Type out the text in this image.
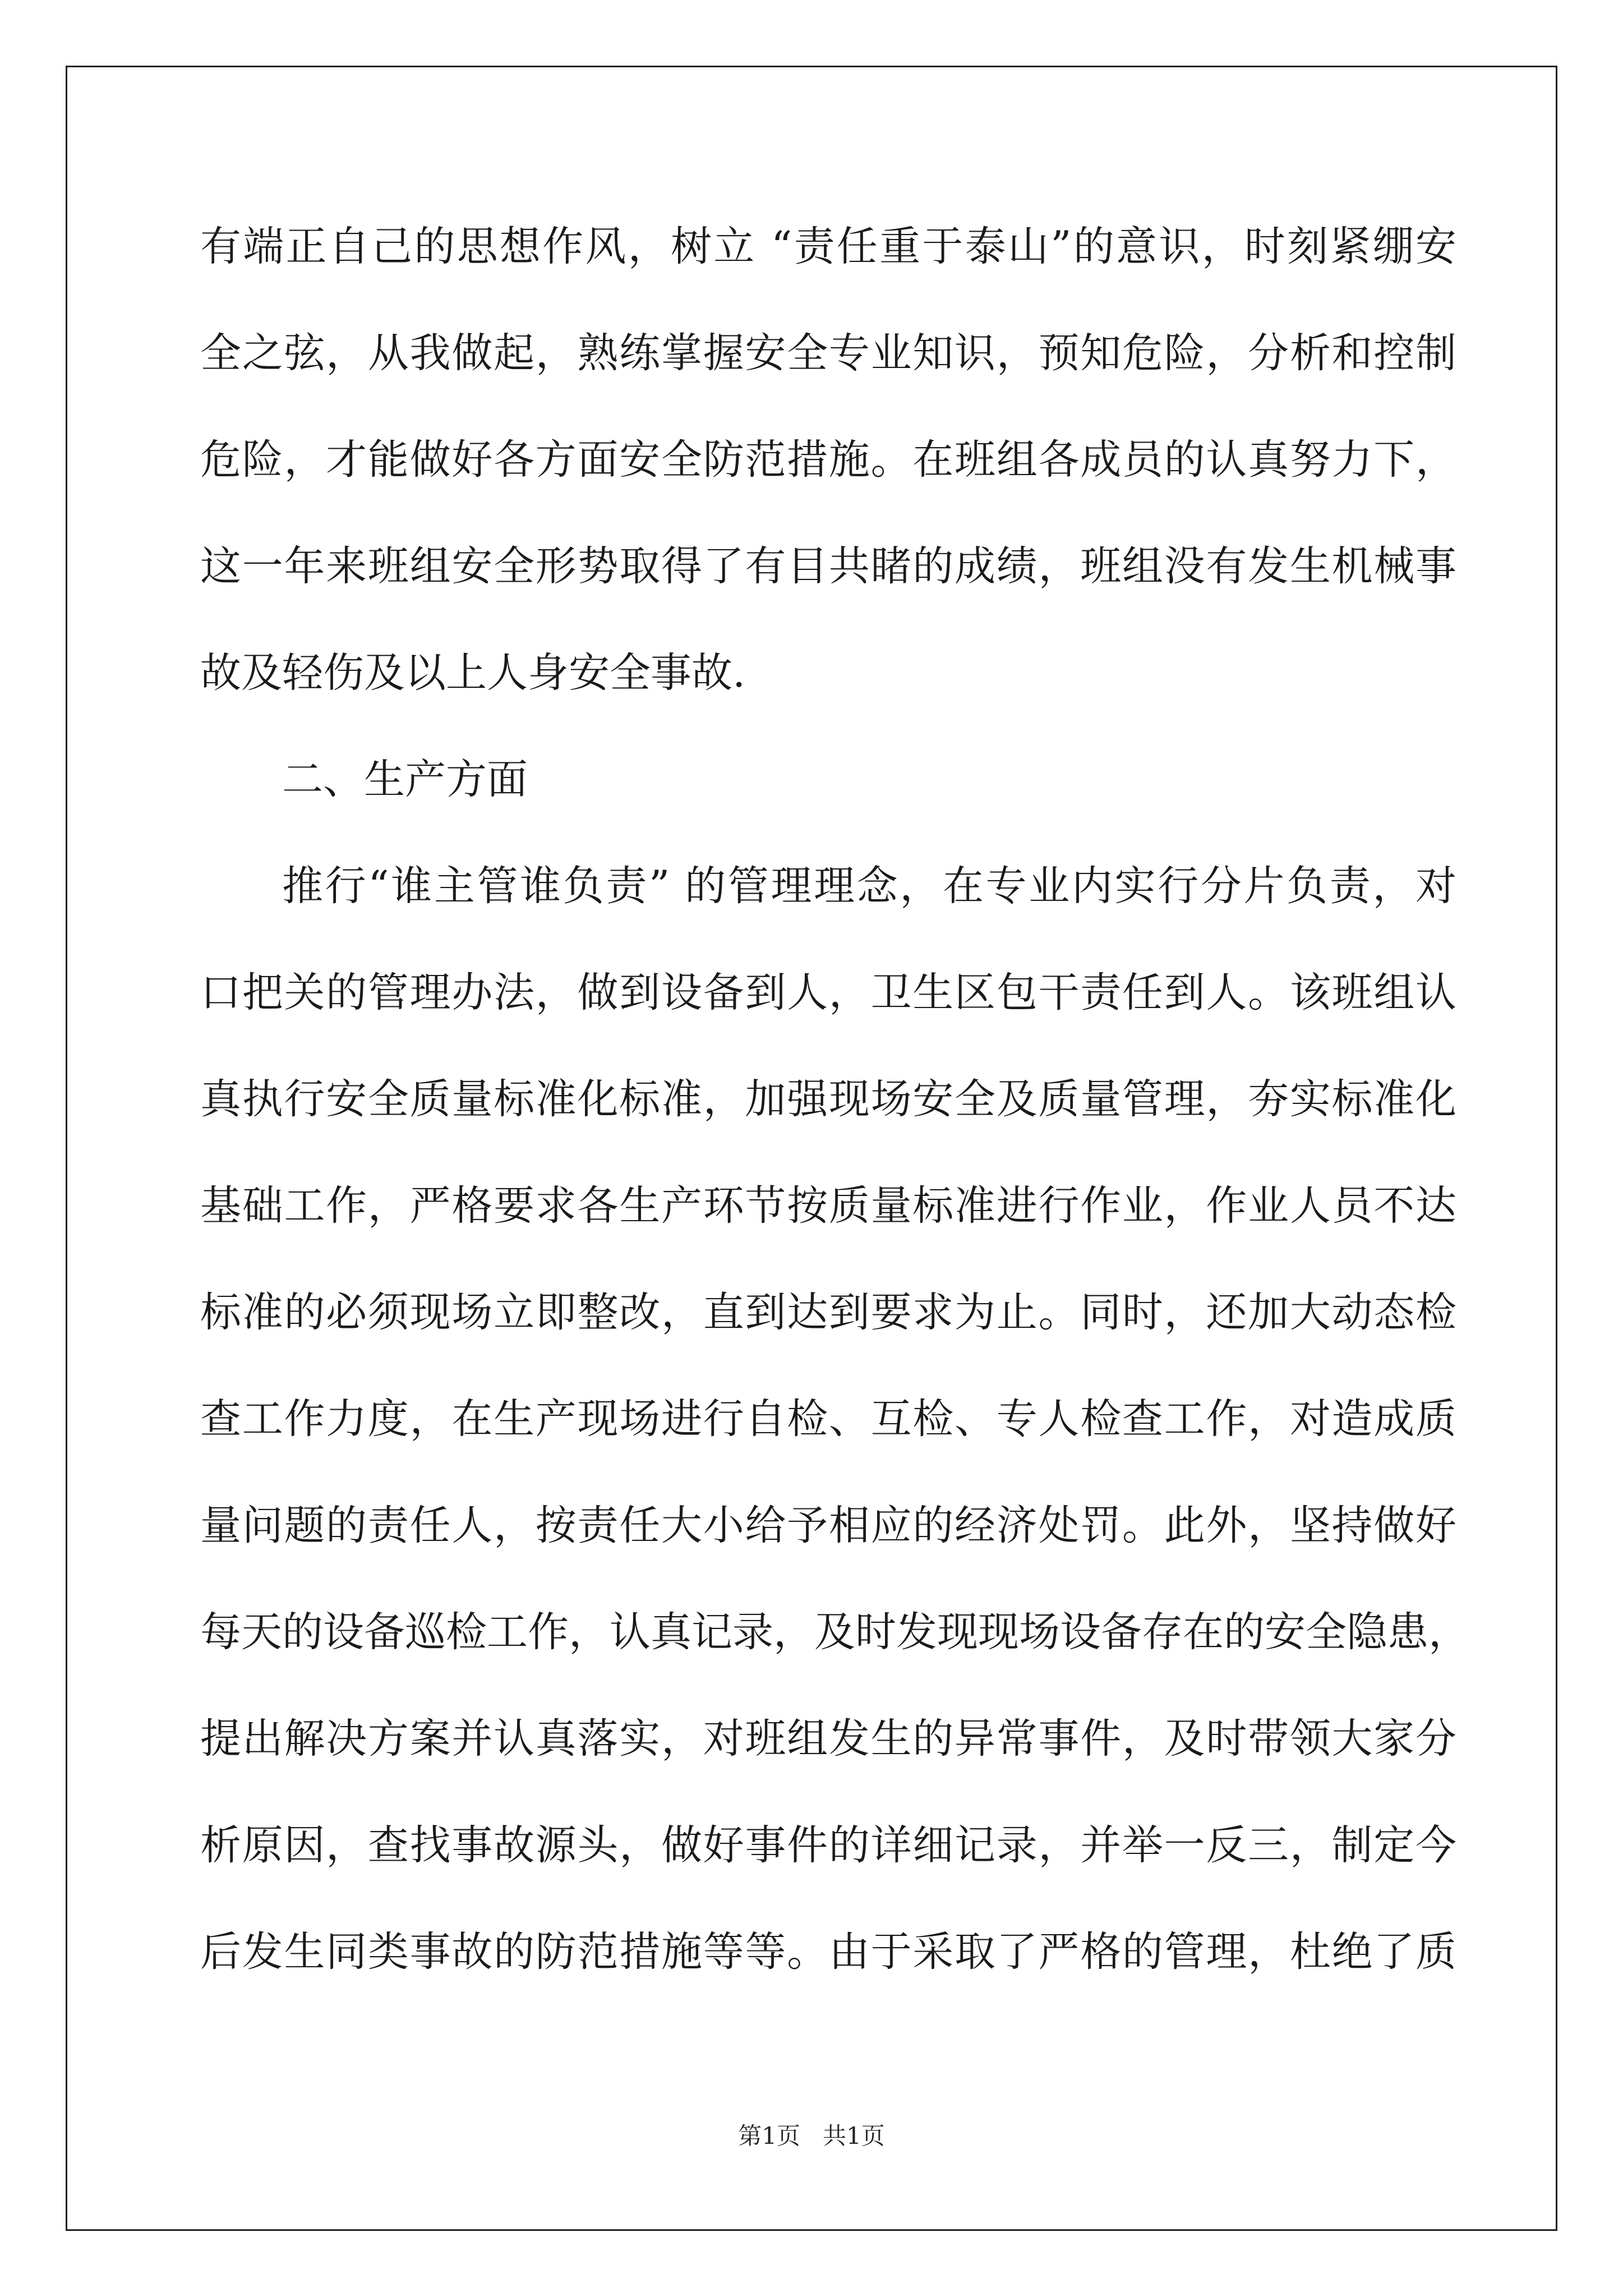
有端正自己的思想作风，树立 “责任重于泰山”的意识，时刻紧绷安
全之弦，从我做起，熟练掌握安全专业知识，预知危险，分析和控制
危险，才能做好各方面安全防范措施。在班组各成员的认真努力下，
这一年来班组安全形势取得了有目共睹的成绩，班组没有发生机械事
故及轻伤及以上人身安全事故.
二、生产方面
推行“谁主管谁负责” 的管理理念，在专业内实行分片负责，对
口把关的管理办法，做到设备到人，卫生区包干责任到人。该班组认
真执行安全质量标准化标准，加强现场安全及质量管理，夯实标准化
基础工作，严格要求各生产环节按质量标准进行作业，作业人员不达
标准的必须现场立即整改，直到达到要求为止。同时，还加大动态检
查工作力度，在生产现场进行自检、互检、专人检查工作，对造成质
量问题的责任人，按责任大小给予相应的经济处罚。此外，坚持做好
每天的设备巡检工作，认真记录，及时发现现场设备存在的安全隐患，
提出解决方案并认真落实，对班组发生的异常事件，及时带领大家分
析原因，查找事故源头，做好事件的详细记录，并举一反三，制定今
后发生同类事故的防范措施等等。由于采取了严格的管理，杜绝了质
第1页   共1页
